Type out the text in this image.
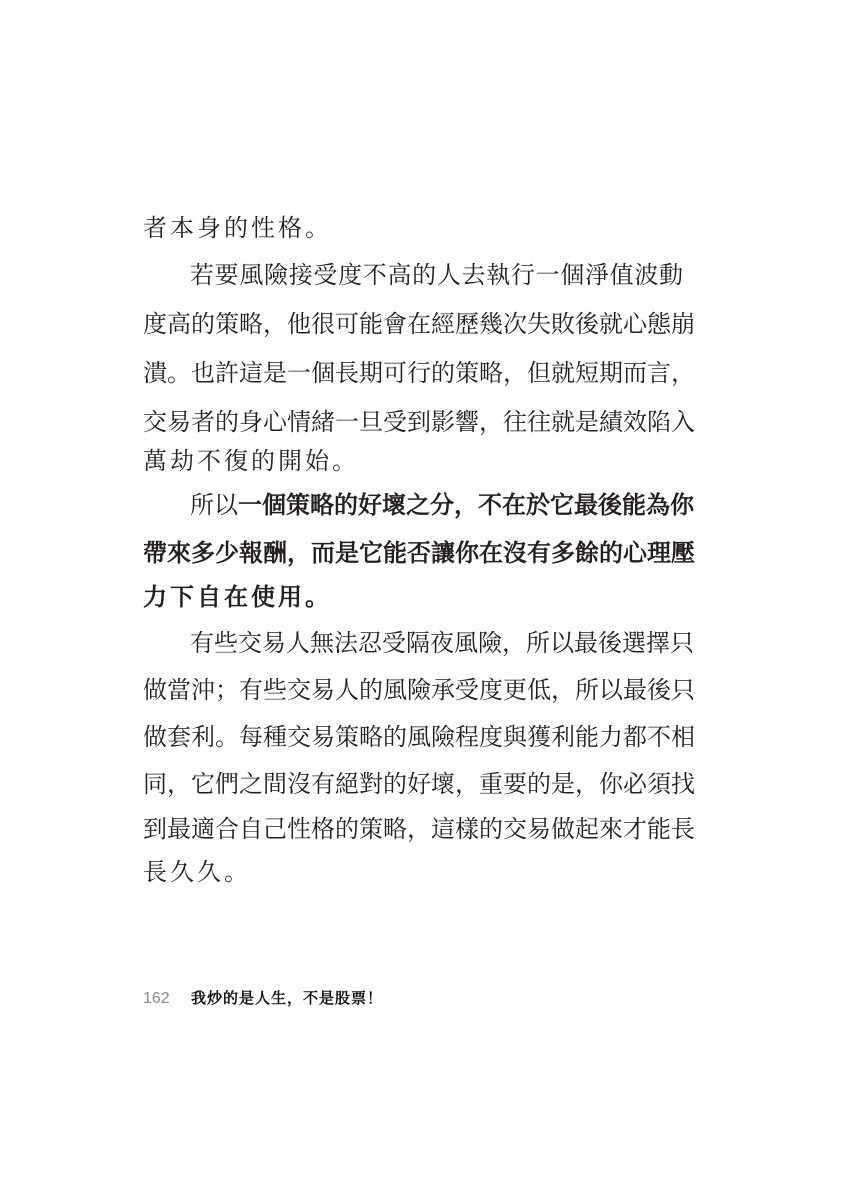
者本身的性格。
若要風險接受度不高的人去執行一個淨值波動
度高的策略，他很可能會在經歷幾次失敗後就心態崩
潰。也許這是一個長期可行的策略，但就短期而言，
交易者的身心情緒一旦受到影響，往往就是績效陷入
萬劫不復的開始。
所以一個策略的好壞之分，不在於它最後能為你
帶來多少報酬，而是它能否讓你在沒有多餘的心理壓
力下自在使用。
有些交易人無法忍受隔夜風險，所以最後選擇只
做當沖；有些交易人的風險承受度更低，所以最後只
做套利。每種交易策略的風險程度與獲利能力都不相
同，它們之間沒有絕對的好壞，重要的是，你必須找
到最適合自己性格的策略，這樣的交易做起來才能長
長久久。
162 我炒的是人生，不是股票！
